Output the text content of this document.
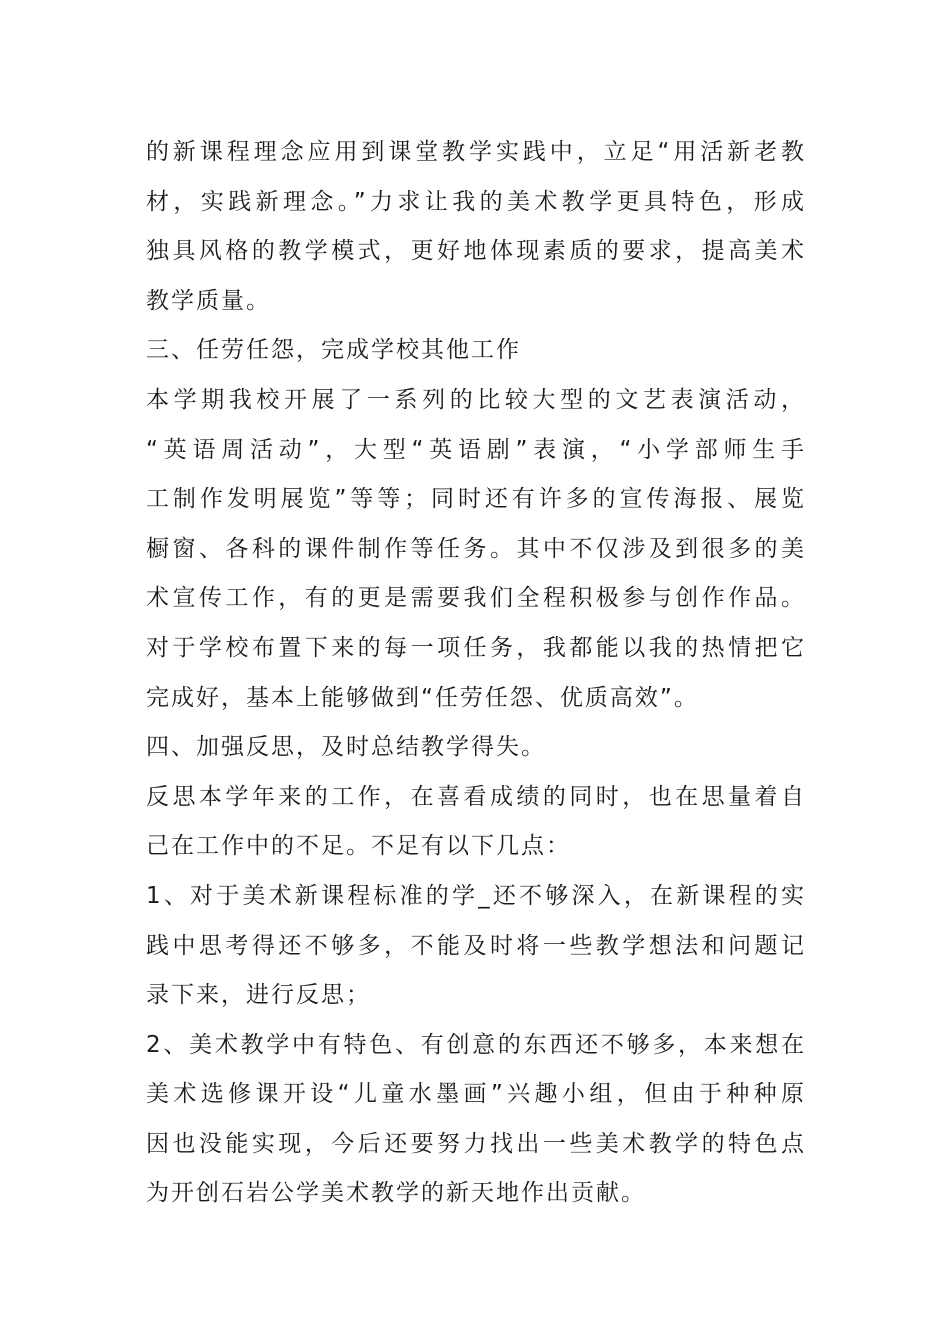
的新课程理念应用到课堂教学实践中，立足“用活新老教
材，实践新理念。”力求让我的美术教学更具特色，形成
独具风格的教学模式，更好地体现素质的要求，提高美术
教学质量。
三、任劳任怨，完成学校其他工作
本学期我校开展了一系列的比较大型的文艺表演活动，
“英语周活动”，大型“英语剧”表演，“小学部师生手
工制作发明展览”等等；同时还有许多的宣传海报、展览
橱窗、各科的课件制作等任务。其中不仅涉及到很多的美
术宣传工作，有的更是需要我们全程积极参与创作作品。
对于学校布置下来的每一项任务，我都能以我的热情把它
完成好，基本上能够做到“任劳任怨、优质高效”。
四、加强反思，及时总结教学得失。
反思本学年来的工作，在喜看成绩的同时，也在思量着自
己在工作中的不足。不足有以下几点：
1、对于美术新课程标准的学_还不够深入，在新课程的实
践中思考得还不够多，不能及时将一些教学想法和问题记
录下来，进行反思；
2、美术教学中有特色、有创意的东西还不够多，本来想在
美术选修课开设“儿童水墨画”兴趣小组，但由于种种原
因也没能实现，今后还要努力找出一些美术教学的特色点
为开创石岩公学美术教学的新天地作出贡献。
